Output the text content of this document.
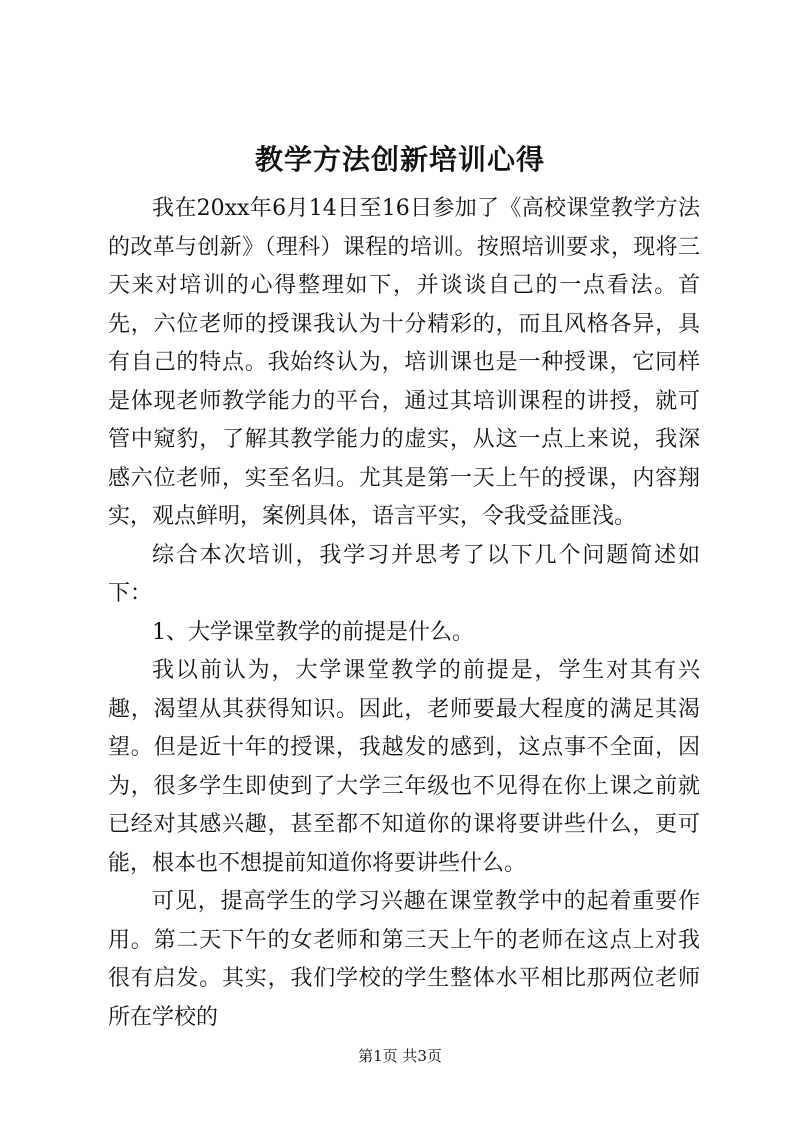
教学方法创新培训心得

我在20xx年6月14日至16日参加了《高校课堂教学方法的改革与创新》（理科）课程的培训。按照培训要求，现将三天来对培训的心得整理如下，并谈谈自己的一点看法。首先，六位老师的授课我认为十分精彩的，而且风格各异，具有自己的特点。我始终认为，培训课也是一种授课，它同样是体现老师教学能力的平台，通过其培训课程的讲授，就可管中窥豹，了解其教学能力的虚实，从这一点上来说，我深感六位老师，实至名归。尤其是第一天上午的授课，内容翔实，观点鲜明，案例具体，语言平实，令我受益匪浅。

综合本次培训，我学习并思考了以下几个问题简述如下：

1、大学课堂教学的前提是什么。

我以前认为，大学课堂教学的前提是，学生对其有兴趣，渴望从其获得知识。因此，老师要最大程度的满足其渴望。但是近十年的授课，我越发的感到，这点事不全面，因为，很多学生即使到了大学三年级也不见得在你上课之前就已经对其感兴趣，甚至都不知道你的课将要讲些什么，更可能，根本也不想提前知道你将要讲些什么。

可见，提高学生的学习兴趣在课堂教学中的起着重要作用。第二天下午的女老师和第三天上午的老师在这点上对我很有启发。其实，我们学校的学生整体水平相比那两位老师所在学校的

第1页 共3页
